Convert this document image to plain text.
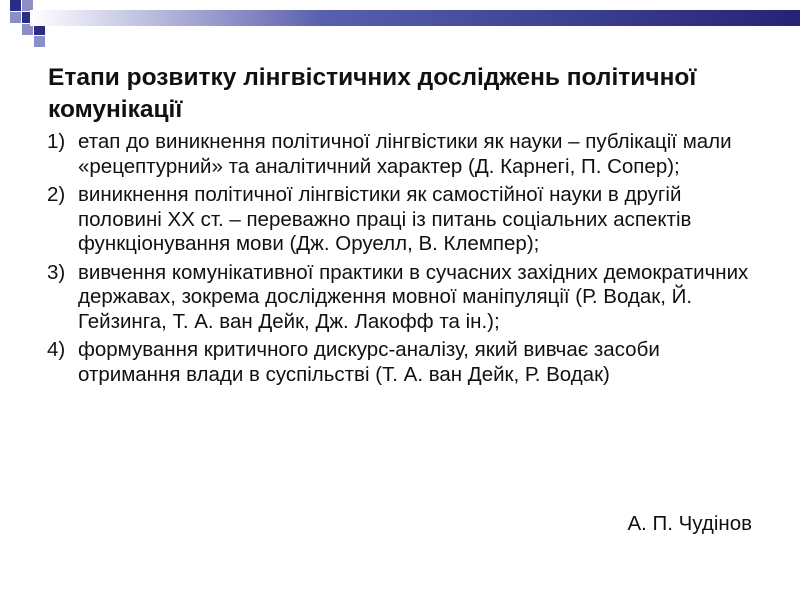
Етапи розвитку лінгвістичних досліджень політичної комунікації
1) етап до виникнення політичної лінгвістики як науки – публікації мали «рецептурний» та аналітичний характер (Д. Карнегі, П. Сопер);
2) виникнення політичної лінгвістики як самостійної науки в другій половині ХХ ст. – переважно праці із питань соціальних аспектів функціонування мови (Дж. Оруелл, В. Клемпер);
3) вивчення комунікативної практики в сучасних західних демократичних державах, зокрема дослідження мовної маніпуляції (Р. Водак, Й. Гейзинга, Т. А. ван Дейк, Дж. Лакофф та ін.);
4) формування критичного дискурс-аналізу, який вивчає засоби отримання влади в суспільстві (Т. А. ван Дейк, Р. Водак)

А. П. Чудінов
